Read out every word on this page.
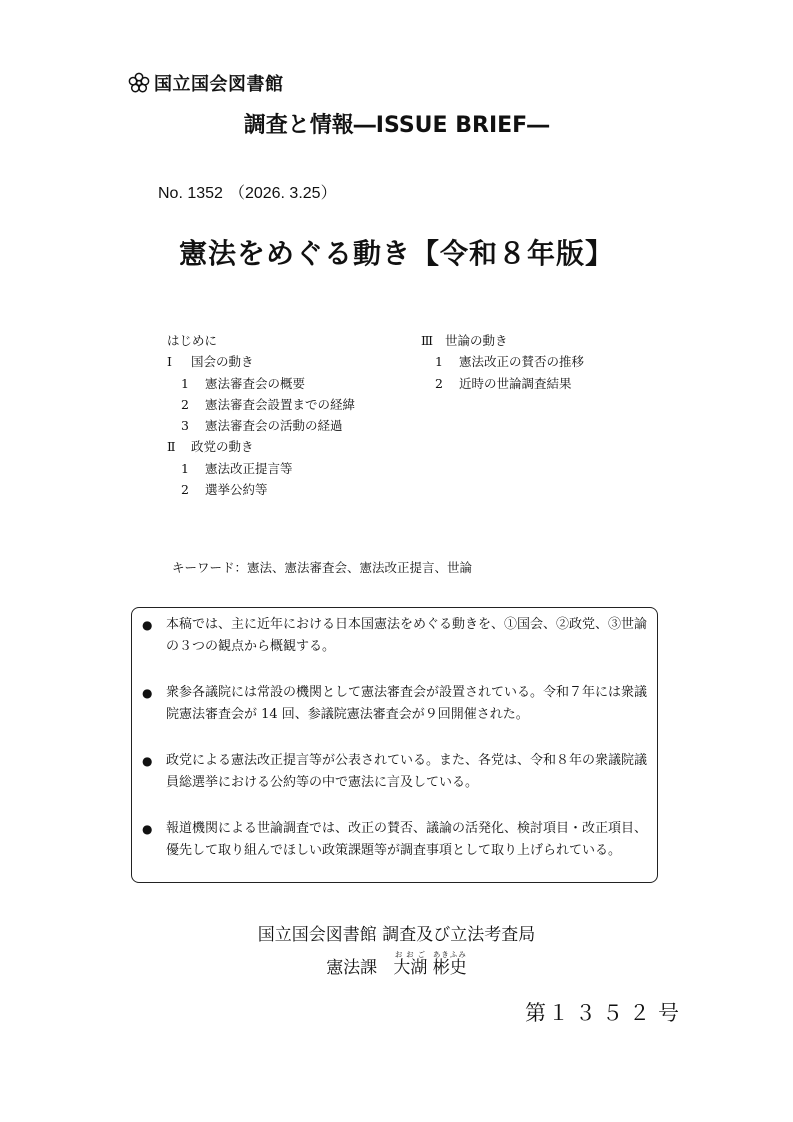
国立国会図書館
調査と情報―ISSUE BRIEF―
No. 1352 （2026. 3.25）
憲法をめぐる動き【令和８年版】
はじめに
Ⅰ 国会の動き
1 憲法審査会の概要
2 憲法審査会設置までの経緯
3 憲法審査会の活動の経過
Ⅱ 政党の動き
1 憲法改正提言等
2 選挙公約等
Ⅲ 世論の動き
1 憲法改正の賛否の推移
2 近時の世論調査結果
キーワード：憲法、憲法審査会、憲法改正提言、世論
● 本稿では、主に近年における日本国憲法をめぐる動きを、①国会、②政党、③世論の３つの観点から概観する。
● 衆参各議院には常設の機関として憲法審査会が設置されている。令和７年には衆議院憲法審査会が 14 回、参議院憲法審査会が９回開催された。
● 政党による憲法改正提言等が公表されている。また、各党は、令和８年の衆議院議員総選挙における公約等の中で憲法に言及している。
● 報道機関による世論調査では、改正の賛否、議論の活発化、検討項目・改正項目、優先して取り組んでほしい政策課題等が調査事項として取り上げられている。
国立国会図書館 調査及び立法考査局
憲法課 大湖おおご 彬史あきふみ
第１３５２号
